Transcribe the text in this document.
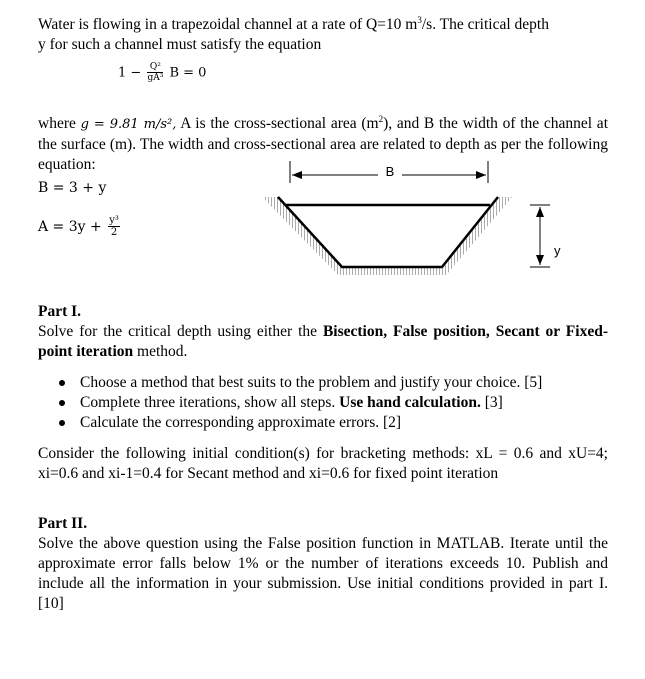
Water is flowing in a trapezoidal channel at a rate of Q=10 $m^3/s$. The critical depth
y for such a channel must satisfy the equation
$1 - \frac{\text{Q²}}{\text{gA³}}$ B = 0
where g = 9.81 m/s², A is the cross-sectional area $(m^2)$, and B the width of the channel at the surface (m). The width and cross-sectional area are related to depth as per the following equation:
B = 3 + y
$A = 3y + \frac{\text{y³}}{2}$
B
y
Part I.
Solve for the critical depth using either the Bisection, False position, Secant or Fixed-point iteration method.
Choose a method that best suits to the problem and justify your choice. [5]
Complete three iterations, show all steps. Use hand calculation. [3]
Calculate the corresponding approximate errors. [2]
Consider the following initial condition(s) for bracketing methods: xL = 0.6 and xU=4; xi=0.6 and xi-1=0.4 for Secant method and xi=0.6 for fixed point iteration
Part II.
Solve the above question using the False position function in MATLAB. Iterate until the approximate error falls below 1% or the number of iterations exceeds 10. Publish and include all the information in your submission. Use initial conditions provided in part I. [10]
